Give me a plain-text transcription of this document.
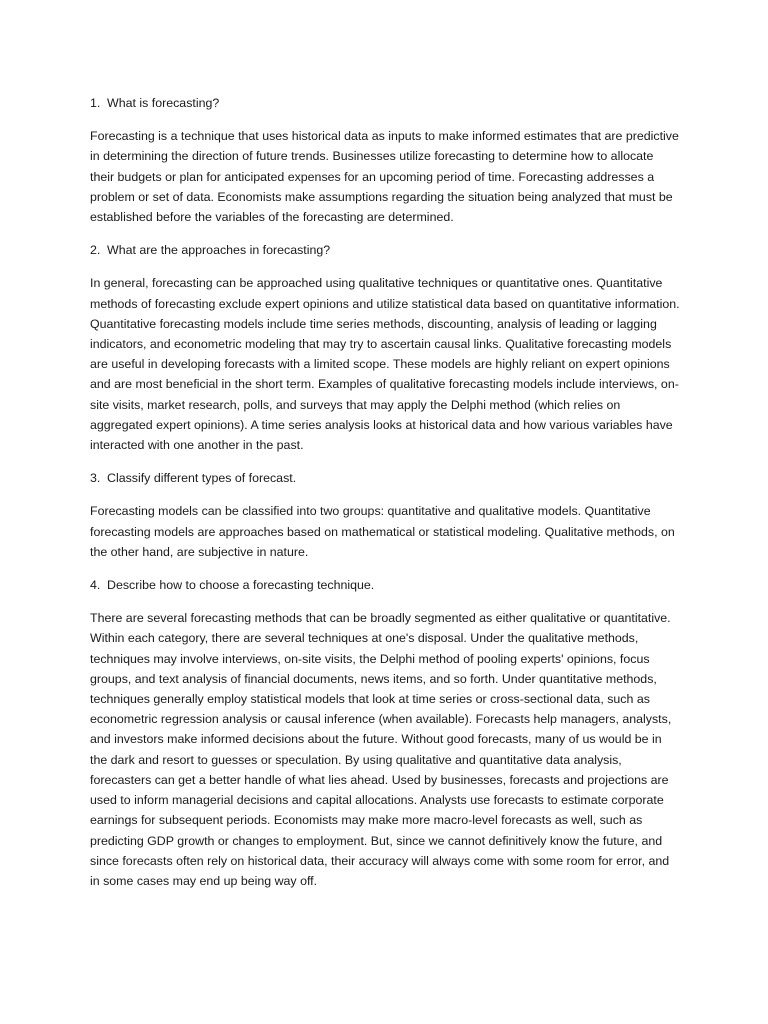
1. What is forecasting?

Forecasting is a technique that uses historical data as inputs to make informed estimates that are predictive in determining the direction of future trends. Businesses utilize forecasting to determine how to allocate their budgets or plan for anticipated expenses for an upcoming period of time. Forecasting addresses a problem or set of data. Economists make assumptions regarding the situation being analyzed that must be established before the variables of the forecasting are determined.

2. What are the approaches in forecasting?

In general, forecasting can be approached using qualitative techniques or quantitative ones. Quantitative methods of forecasting exclude expert opinions and utilize statistical data based on quantitative information. Quantitative forecasting models include time series methods, discounting, analysis of leading or lagging indicators, and econometric modeling that may try to ascertain causal links. Qualitative forecasting models are useful in developing forecasts with a limited scope. These models are highly reliant on expert opinions and are most beneficial in the short term. Examples of qualitative forecasting models include interviews, on-site visits, market research, polls, and surveys that may apply the Delphi method (which relies on aggregated expert opinions). A time series analysis looks at historical data and how various variables have interacted with one another in the past.

3. Classify different types of forecast.

Forecasting models can be classified into two groups: quantitative and qualitative models. Quantitative forecasting models are approaches based on mathematical or statistical modeling. Qualitative methods, on the other hand, are subjective in nature.

4. Describe how to choose a forecasting technique.

There are several forecasting methods that can be broadly segmented as either qualitative or quantitative. Within each category, there are several techniques at one's disposal. Under the qualitative methods, techniques may involve interviews, on-site visits, the Delphi method of pooling experts' opinions, focus groups, and text analysis of financial documents, news items, and so forth. Under quantitative methods, techniques generally employ statistical models that look at time series or cross-sectional data, such as econometric regression analysis or causal inference (when available). Forecasts help managers, analysts, and investors make informed decisions about the future. Without good forecasts, many of us would be in the dark and resort to guesses or speculation. By using qualitative and quantitative data analysis, forecasters can get a better handle of what lies ahead. Used by businesses, forecasts and projections are used to inform managerial decisions and capital allocations. Analysts use forecasts to estimate corporate earnings for subsequent periods. Economists may make more macro-level forecasts as well, such as predicting GDP growth or changes to employment. But, since we cannot definitively know the future, and since forecasts often rely on historical data, their accuracy will always come with some room for error, and in some cases may end up being way off.
